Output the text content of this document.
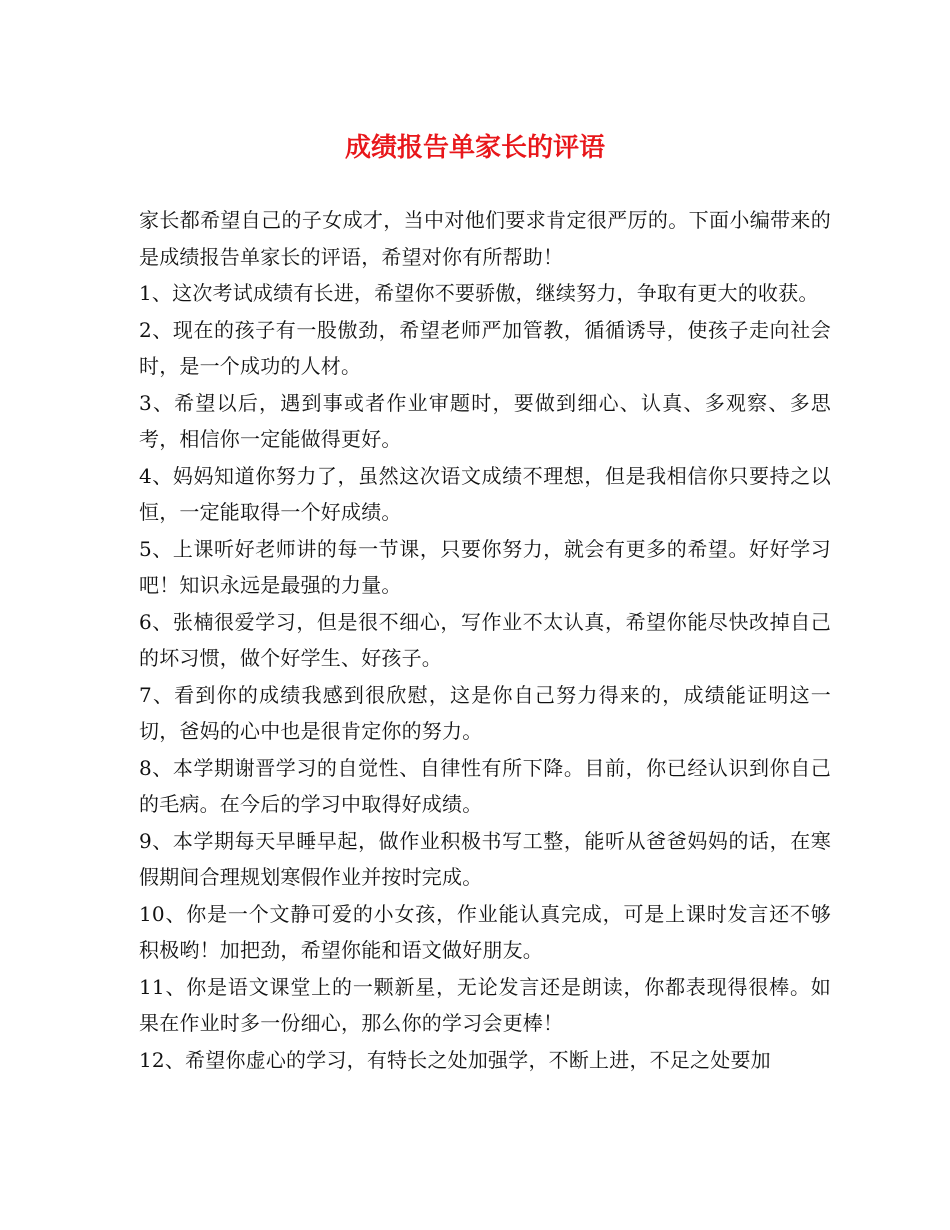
成绩报告单家长的评语

家长都希望自己的子女成才，当中对他们要求肯定很严厉的。下面小编带来的是成绩报告单家长的评语，希望对你有所帮助！

1、这次考试成绩有长进，希望你不要骄傲，继续努力，争取有更大的收获。

2、现在的孩子有一股傲劲，希望老师严加管教，循循诱导，使孩子走向社会时，是一个成功的人材。

3、希望以后，遇到事或者作业审题时，要做到细心、认真、多观察、多思考，相信你一定能做得更好。

4、妈妈知道你努力了，虽然这次语文成绩不理想，但是我相信你只要持之以恒，一定能取得一个好成绩。

5、上课听好老师讲的每一节课，只要你努力，就会有更多的希望。好好学习吧！知识永远是最强的力量。

6、张楠很爱学习，但是很不细心，写作业不太认真，希望你能尽快改掉自己的坏习惯，做个好学生、好孩子。

7、看到你的成绩我感到很欣慰，这是你自己努力得来的，成绩能证明这一切，爸妈的心中也是很肯定你的努力。

8、本学期谢晋学习的自觉性、自律性有所下降。目前，你已经认识到你自己的毛病。在今后的学习中取得好成绩。

9、本学期每天早睡早起，做作业积极书写工整，能听从爸爸妈妈的话，在寒假期间合理规划寒假作业并按时完成。

10、你是一个文静可爱的小女孩，作业能认真完成，可是上课时发言还不够积极哟！加把劲，希望你能和语文做好朋友。

11、你是语文课堂上的一颗新星，无论发言还是朗读，你都表现得很棒。如果在作业时多一份细心，那么你的学习会更棒！

12、希望你虚心的学习，有特长之处加强学，不断上进，不足之处要加
